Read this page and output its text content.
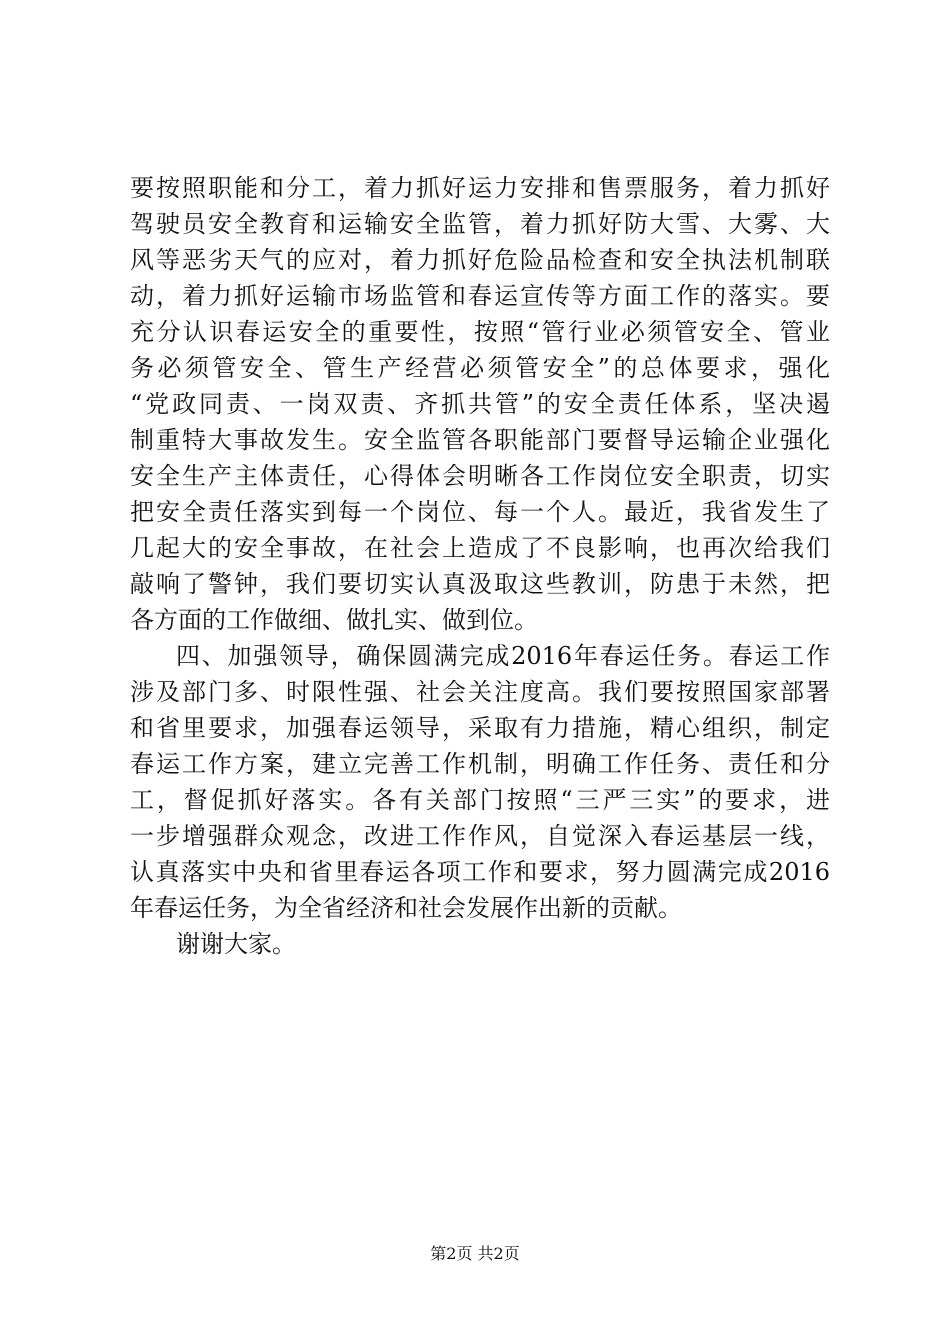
要按照职能和分工，着力抓好运力安排和售票服务，着力抓好
驾驶员安全教育和运输安全监管，着力抓好防大雪、大雾、大
风等恶劣天气的应对，着力抓好危险品检查和安全执法机制联
动，着力抓好运输市场监管和春运宣传等方面工作的落实。要
充分认识春运安全的重要性，按照“管行业必须管安全、管业
务必须管安全、管生产经营必须管安全”的总体要求，强化
“党政同责、一岗双责、齐抓共管”的安全责任体系，坚决遏
制重特大事故发生。安全监管各职能部门要督导运输企业强化
安全生产主体责任，心得体会明晰各工作岗位安全职责，切实
把安全责任落实到每一个岗位、每一个人。最近，我省发生了
几起大的安全事故，在社会上造成了不良影响，也再次给我们
敲响了警钟，我们要切实认真汲取这些教训，防患于未然，把
各方面的工作做细、做扎实、做到位。
四、加强领导，确保圆满完成2016年春运任务。春运工作
涉及部门多、时限性强、社会关注度高。我们要按照国家部署
和省里要求，加强春运领导，采取有力措施，精心组织，制定
春运工作方案，建立完善工作机制，明确工作任务、责任和分
工，督促抓好落实。各有关部门按照“三严三实”的要求，进
一步增强群众观念，改进工作作风，自觉深入春运基层一线，
认真落实中央和省里春运各项工作和要求，努力圆满完成2016
年春运任务，为全省经济和社会发展作出新的贡献。
谢谢大家。
第2页 共2页
